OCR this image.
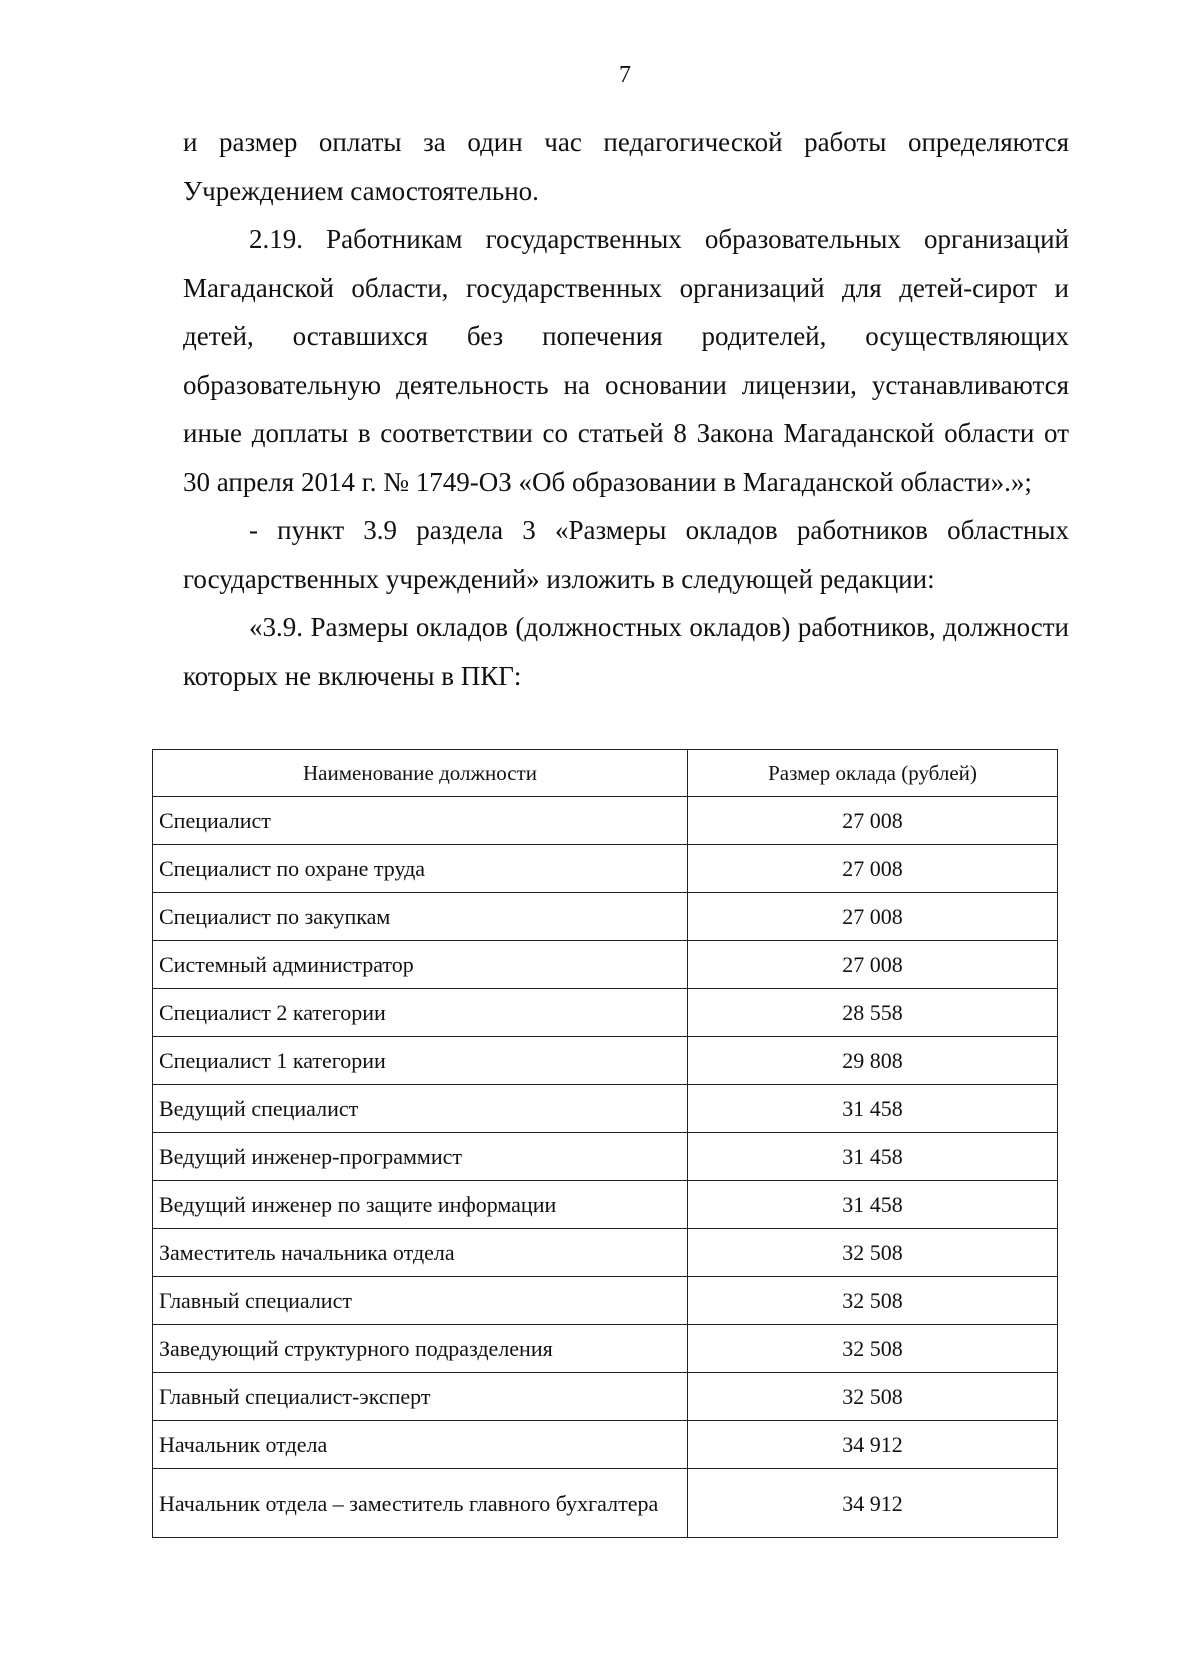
7

и размер оплаты за один час педагогической работы определяются Учреждением самостоятельно.

2.19. Работникам государственных образовательных организаций Магаданской области, государственных организаций для детей-сирот и детей, оставшихся без попечения родителей, осуществляющих образовательную деятельность на основании лицензии, устанавливаются иные доплаты в соответствии со статьей 8 Закона Магаданской области от 30 апреля 2014 г. № 1749-ОЗ «Об образовании в Магаданской области».»;

- пункт 3.9 раздела 3 «Размеры окладов работников областных государственных учреждений» изложить в следующей редакции:

«3.9. Размеры окладов (должностных окладов) работников, должности которых не включены в ПКГ:

Наименование должности	Размер оклада (рублей)
Специалист	27 008
Специалист по охране труда	27 008
Специалист по закупкам	27 008
Системный администратор	27 008
Специалист 2 категории	28 558
Специалист 1 категории	29 808
Ведущий специалист	31 458
Ведущий инженер-программист	31 458
Ведущий инженер по защите информации	31 458
Заместитель начальника отдела	32 508
Главный специалист	32 508
Заведующий структурного подразделения	32 508
Главный специалист-эксперт	32 508
Начальник отдела	34 912
Начальник отдела – заместитель главного бухгалтера	34 912
